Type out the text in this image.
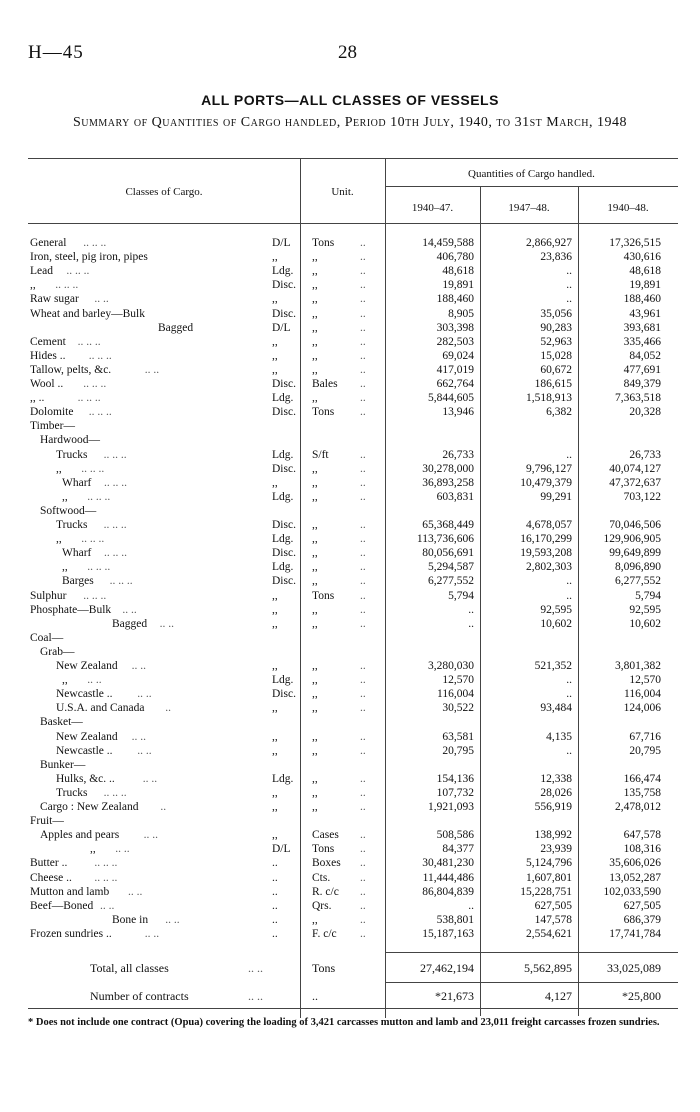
H—45	28
ALL PORTS—ALL CLASSES OF VESSELS
Summary of Quantities of Cargo handled, Period 10th July, 1940, to 31st March, 1948
Classes of Cargo.	Unit.
Quantities of Cargo handled.
1940–47.	1947–48.	1940–48.
General .. .. ..	D/L Tons ..	14,459,588	2,866,927	17,326,515
Iron, steel, pig iron, pipes	,,	,,	..	406,780	23,836	430,616
Lead .. .. ..	Ldg. ,,	..	48,618	..	48,618
,, .. .. ..	Disc. ,,	..	19,891	..	19,891
Raw sugar .. ..	,,	,,	..	188,460	..	188,460
Wheat and barley—Bulk	Disc. ,,	..	8,905	35,056	43,961
Bagged	D/L ,,	..	303,398	90,283	393,681
Cement .. .. ..	,,	,,	..	282,503	52,963	335,466
Hides .. .. .. ..	,,	,,	..	69,024	15,028	84,052
Tallow, pelts, &c.	.. ..	,,	,,	..	417,019	60,672	477,691
Wool .. .. .. ..	Disc. Bales ..	662,764	186,615	849,379
,, ..	.. .. ..	Ldg. ,,	..	5,844,605	1,518,913	7,363,518
Dolomite .. .. ..	Disc. Tons ..	13,946	6,382	20,328
Timber—
Hardwood—
Trucks .. .. ..	Ldg. S/ft	..	26,733	..	26,733
,, .. .. ..	Disc. ,,	..	30,278,000	9,796,127	40,074,127
Wharf .. .. ..	,,	,,	..	36,893,258	10,479,379	47,372,637
,, .. .. ..	Ldg. ,,	..	603,831	99,291	703,122
Softwood—
Trucks .. .. ..	Disc. ,,	..	65,368,449	4,678,057	70,046,506
,, .. .. ..	Ldg. ,,	..	113,736,606	16,170,299	129,906,905
Wharf .. .. ..	Disc. ,,	..	80,056,691	19,593,208	99,649,899
,, .. .. ..	Ldg. ,,	..	5,294,587	2,802,303	8,096,890
Barges .. .. ..	Disc. ,,	..	6,277,552	..	6,277,552
Sulphur .. .. ..	,,	Tons ..	5,794	..	5,794
Phosphate—Bulk .. ..	,,	,,	..	..	92,595	92,595
Bagged .. ..	,,	,,	..	..	10,602	10,602
Coal—
Grab—
New Zealand .. ..	,,	,,	..	3,280,030	521,352	3,801,382
,, .. ..	Ldg. ,,	..	12,570	..	12,570
Newcastle .. .. ..	Disc. ,,	..	116,004	..	116,004
U.S.A. and Canada ..	,,	,,	..	30,522	93,484	124,006
Basket—
New Zealand .. ..	,,	,,	..	63,581	4,135	67,716
Newcastle .. .. ..	,,	,,	..	20,795	..	20,795
Bunker—
Hulks, &c. .. .. ..	Ldg. ,,	..	154,136	12,338	166,474
Trucks .. .. ..	,,	,,	..	107,732	28,026	135,758
Cargo : New Zealand ..	,,	,,	..	1,921,093	556,919	2,478,012
Fruit—
Apples and pears .. ..	,,	Cases ..	508,586	138,992	647,578
,, .. ..	D/L Tons ..	84,377	23,939	108,316
Butter .. .. .. ..	..	Boxes ..	30,481,230	5,124,796	35,606,026
Cheese .. .. .. ..	..	Cts.	..	11,444,486	1,607,801	13,052,287
Mutton and lamb .. ..	..	R. c/c ..	86,804,839	15,228,751	102,033,590
Beef—Boned .. ..	..	Qrs. ..	..	627,505	627,505
Bone in .. ..	..	,,	..	538,801	147,578	686,379
Frozen sundries ..	.. ..	..	F. c/c ..	15,187,163	2,554,621	17,741,784
Total, all classes	.. ..	Tons	27,462,194	5,562,895	33,025,089
Number of contracts	.. ..	..	*21,673	4,127	*25,800
* Does not include one contract (Opua) covering the loading of 3,421 carcasses mutton and lamb and 23,011 freight carcasses frozen sundries.
